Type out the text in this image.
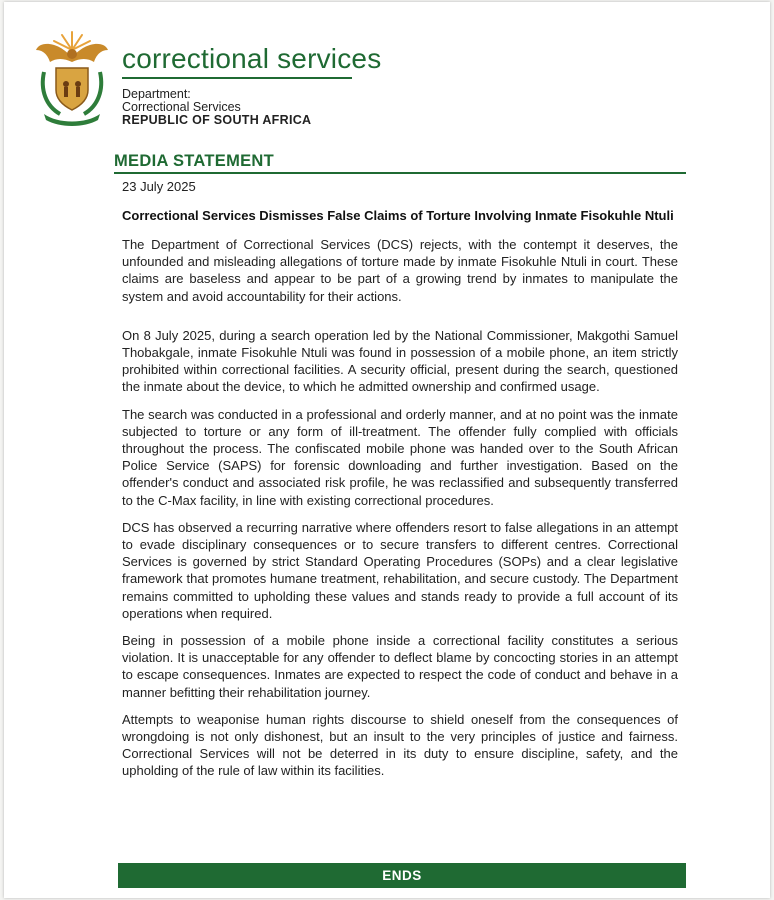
correctional services
Department:
Correctional Services
REPUBLIC OF SOUTH AFRICA
MEDIA STATEMENT
23 July 2025
Correctional Services Dismisses False Claims of Torture Involving Inmate Fisokuhle Ntuli

The Department of Correctional Services (DCS) rejects, with the contempt it deserves, the unfounded and misleading allegations of torture made by inmate Fisokuhle Ntuli in court. These claims are baseless and appear to be part of a growing trend by inmates to manipulate the system and avoid accountability for their actions.

On 8 July 2025, during a search operation led by the National Commissioner, Makgothi Samuel Thobakgale, inmate Fisokuhle Ntuli was found in possession of a mobile phone, an item strictly prohibited within correctional facilities. A security official, present during the search, questioned the inmate about the device, to which he admitted ownership and confirmed usage.

The search was conducted in a professional and orderly manner, and at no point was the inmate subjected to torture or any form of ill-treatment. The offender fully complied with officials throughout the process. The confiscated mobile phone was handed over to the South African Police Service (SAPS) for forensic downloading and further investigation. Based on the offender's conduct and associated risk profile, he was reclassified and subsequently transferred to the C-Max facility, in line with existing correctional procedures.

DCS has observed a recurring narrative where offenders resort to false allegations in an attempt to evade disciplinary consequences or to secure transfers to different centres. Correctional Services is governed by strict Standard Operating Procedures (SOPs) and a clear legislative framework that promotes humane treatment, rehabilitation, and secure custody. The Department remains committed to upholding these values and stands ready to provide a full account of its operations when required.

Being in possession of a mobile phone inside a correctional facility constitutes a serious violation. It is unacceptable for any offender to deflect blame by concocting stories in an attempt to escape consequences. Inmates are expected to respect the code of conduct and behave in a manner befitting their rehabilitation journey.

Attempts to weaponise human rights discourse to shield oneself from the consequences of wrongdoing is not only dishonest, but an insult to the very principles of justice and fairness. Correctional Services will not be deterred in its duty to ensure discipline, safety, and the upholding of the rule of law within its facilities.

ENDS
